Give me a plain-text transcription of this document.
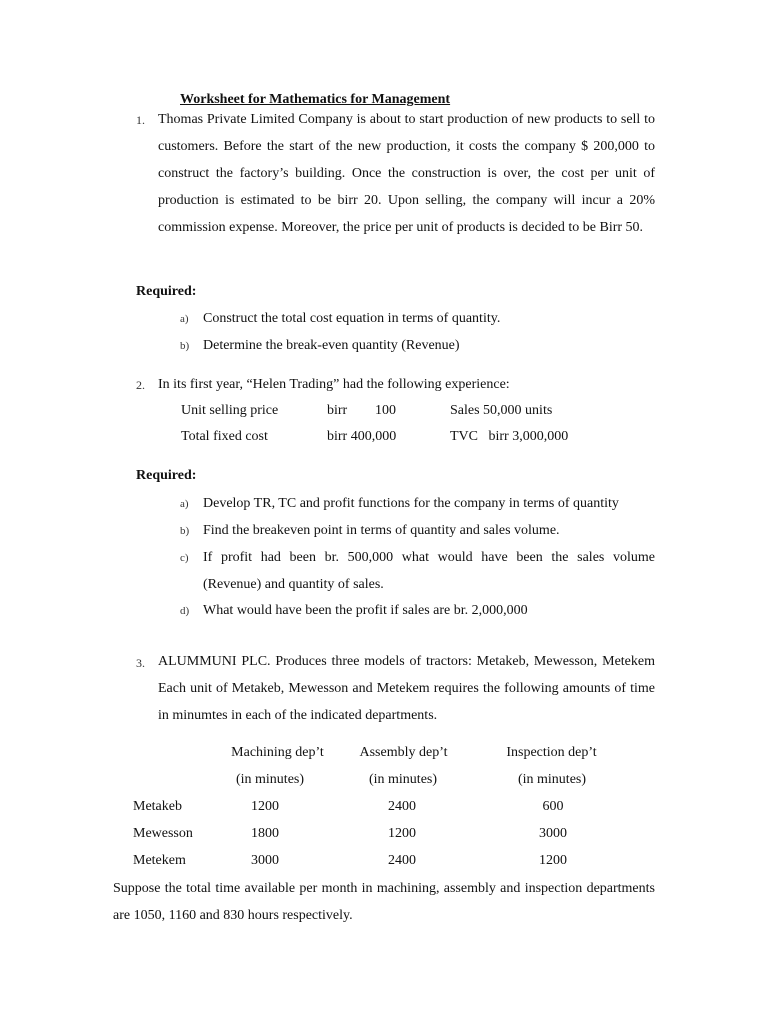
Worksheet for Mathematics for Management
1. Thomas Private Limited Company is about to start production of new products to sell to customers. Before the start of the new production, it costs the company $ 200,000 to construct the factory’s building. Once the construction is over, the cost per unit of production is estimated to be birr 20. Upon selling, the company will incur a 20% commission expense. Moreover, the price per unit of products is decided to be Birr 50.
Required:
a) Construct the total cost equation in terms of quantity.
b) Determine the break-even quantity (Revenue)
2. In its first year, “Helen Trading” had the following experience:
Unit selling price	birr 100	Sales 50,000 units
Total fixed cost	birr 400,000	TVC   birr 3,000,000
Required:
a) Develop TR, TC and profit functions for the company in terms of quantity
b) Find the breakeven point in terms of quantity and sales volume.
c) If profit had been br. 500,000 what would have been the sales volume (Revenue) and quantity of sales.
d) What would have been the profit if sales are br. 2,000,000
3. ALUMMUNI PLC. Produces three models of tractors: Metakeb, Mewesson, Metekem Each unit of Metakeb, Mewesson and Metekem requires the following amounts of time in minumtes in each of the indicated departments.
Machining dep’t	Assembly dep’t	Inspection dep’t
(in minutes)	(in minutes)	(in minutes)
Metakeb	1200	2400	600
Mewesson	1800	1200	3000
Metekem	3000	2400	1200
Suppose the total time available per month in machining, assembly and inspection departments are 1050, 1160 and 830 hours respectively.
